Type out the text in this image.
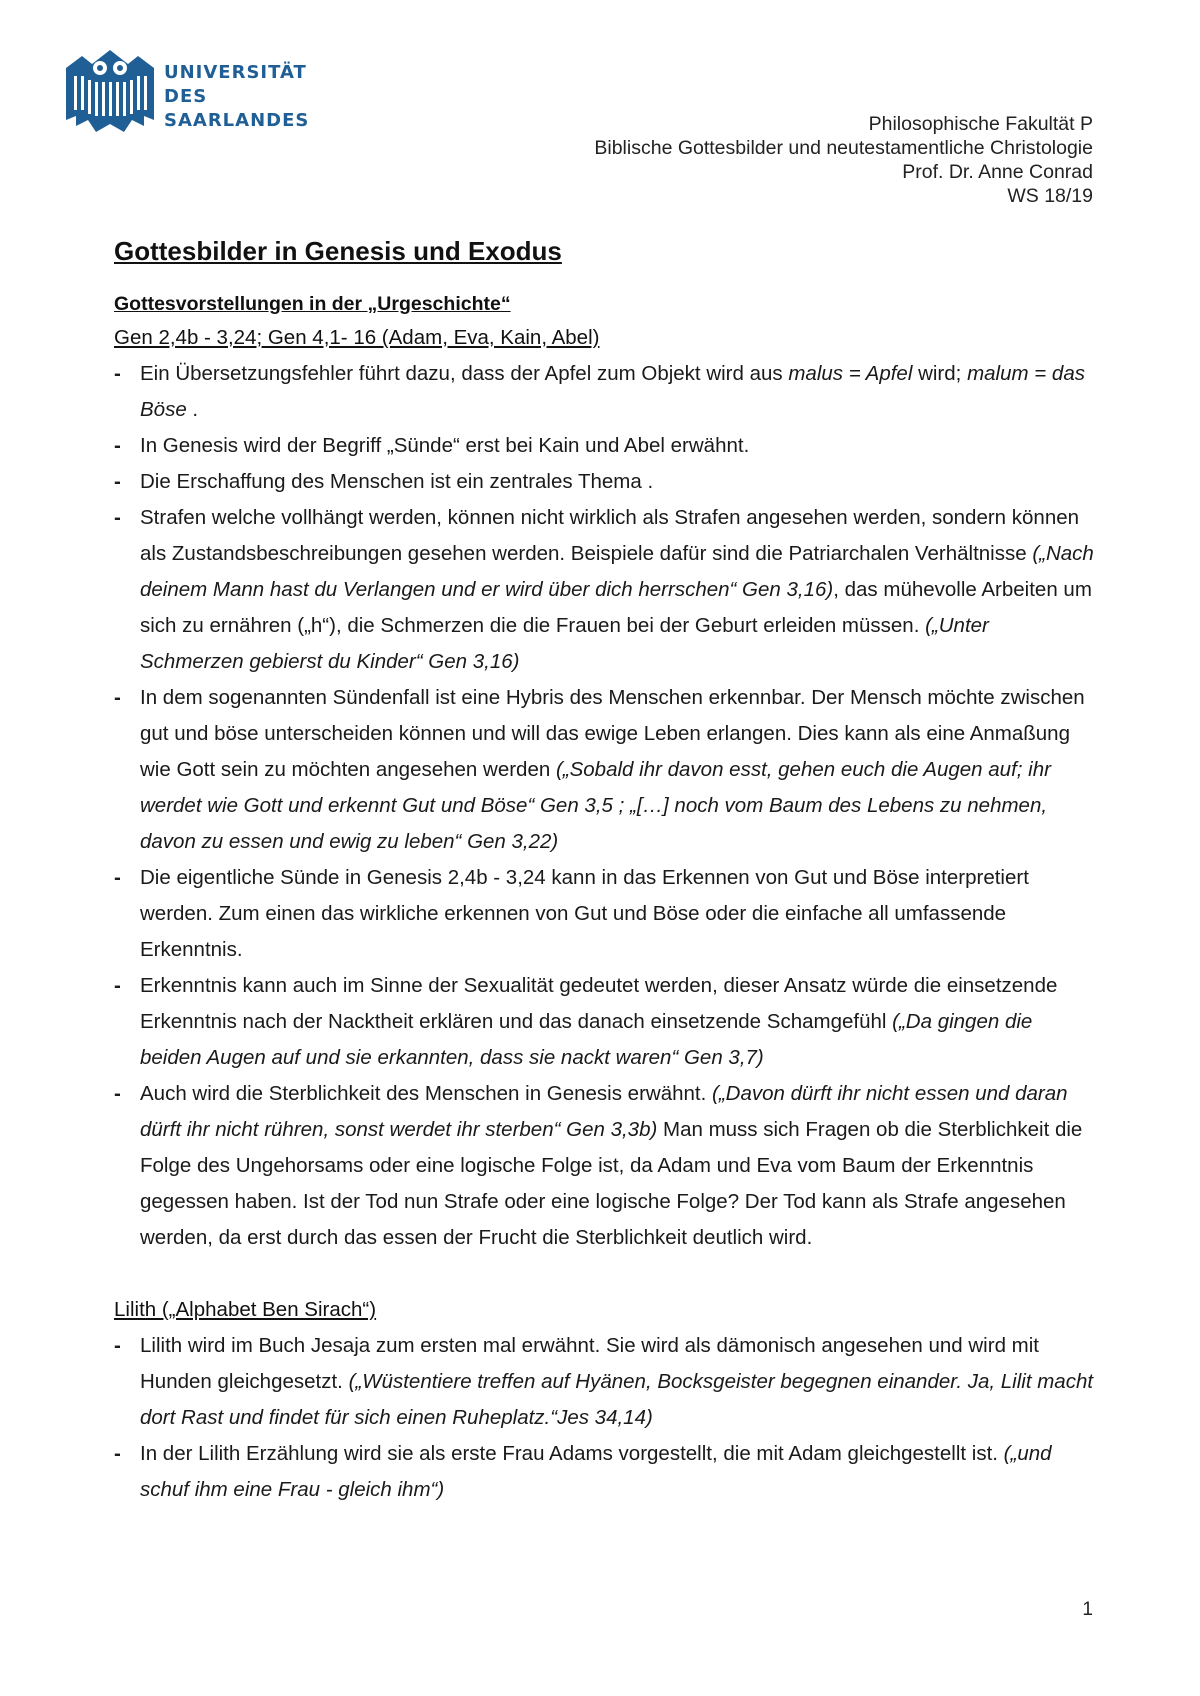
UNIVERSITÄT
DES
SAARLANDES	Philosophische Fakultät P
Biblische Gottesbilder und neutestamentliche Christologie
Prof. Dr. Anne Conrad
WS 18/19
Gottesbilder in Genesis und Exodus
Gottesvorstellungen in der „Urgeschichte“
Gen 2,4b - 3,24; Gen 4,1- 16 (Adam, Eva, Kain, Abel)
- Ein Übersetzungsfehler führt dazu, dass der Apfel zum Objekt wird aus malus = Apfel wird; malum = das Böse .
- In Genesis wird der Begriff „Sünde“ erst bei Kain und Abel erwähnt.
- Die Erschaffung des Menschen ist ein zentrales Thema .
- Strafen welche vollhängt werden, können nicht wirklich als Strafen angesehen werden, sondern können als Zustandsbeschreibungen gesehen werden. Beispiele dafür sind die Patriarchalen Verhältnisse („Nach deinem Mann hast du Verlangen und er wird über dich herrschen“ Gen 3,16), das mühevolle Arbeiten um sich zu ernähren („h“), die Schmerzen die die Frauen bei der Geburt erleiden müssen. („Unter Schmerzen gebierst du Kinder“ Gen 3,16)
- In dem sogenannten Sündenfall ist eine Hybris des Menschen erkennbar. Der Mensch möchte zwischen gut und böse unterscheiden können und will das ewige Leben erlangen. Dies kann als eine Anmaßung wie Gott sein zu möchten angesehen werden („Sobald ihr davon esst, gehen euch die Augen auf; ihr werdet wie Gott und erkennt Gut und Böse“ Gen 3,5 ; „[…] noch vom Baum des Lebens zu nehmen, davon zu essen und ewig zu leben“ Gen 3,22)
- Die eigentliche Sünde in Genesis 2,4b - 3,24 kann in das Erkennen von Gut und Böse interpretiert werden. Zum einen das wirkliche erkennen von Gut und Böse oder die einfache all umfassende Erkenntnis.
- Erkenntnis kann auch im Sinne der Sexualität gedeutet werden, dieser Ansatz würde die einsetzende Erkenntnis nach der Nacktheit erklären und das danach einsetzende Schamgefühl („Da gingen die beiden Augen auf und sie erkannten, dass sie nackt waren“ Gen 3,7)
- Auch wird die Sterblichkeit des Menschen in Genesis erwähnt. („Davon dürft ihr nicht essen und daran dürft ihr nicht rühren, sonst werdet ihr sterben“ Gen 3,3b) Man muss sich Fragen ob die Sterblichkeit die Folge des Ungehorsams oder eine logische Folge ist, da Adam und Eva vom Baum der Erkenntnis gegessen haben. Ist der Tod nun Strafe oder eine logische Folge? Der Tod kann als Strafe angesehen werden, da erst durch das essen der Frucht die Sterblichkeit deutlich wird.
Lilith („Alphabet Ben Sirach“)
- Lilith wird im Buch Jesaja zum ersten mal erwähnt. Sie wird als dämonisch angesehen und wird mit Hunden gleichgesetzt. („Wüstentiere treffen auf Hyänen, Bocksgeister begegnen einander. Ja, Lilit macht dort Rast und findet für sich einen Ruheplatz.“Jes 34,14)
- In der Lilith Erzählung wird sie als erste Frau Adams vorgestellt, die mit Adam gleichgestellt ist. („und schuf ihm eine Frau - gleich ihm“)
1
